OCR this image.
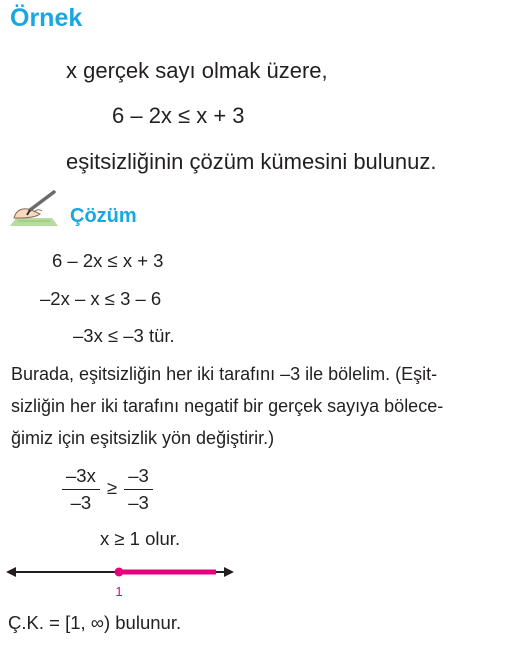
Örnek
x gerçek sayı olmak üzere,
6 – 2x ≤ x + 3
eşitsizliğinin çözüm kümesini bulunuz.
Çözüm
6 – 2x ≤ x + 3
–2x – x ≤ 3 – 6
–3x ≤ –3 tür.
Burada, eşitsizliğin her iki tarafını –3 ile bölelim. (Eşit-
sizliğin her iki tarafını negatif bir gerçek sayıya bölece-
ğimiz için eşitsizlik yön değiştirir.)
$\frac{-3x}{-3} \ge \frac{-3}{-3}$
x ≥ 1 olur.
1
Ç.K. = [1, ∞) bulunur.
